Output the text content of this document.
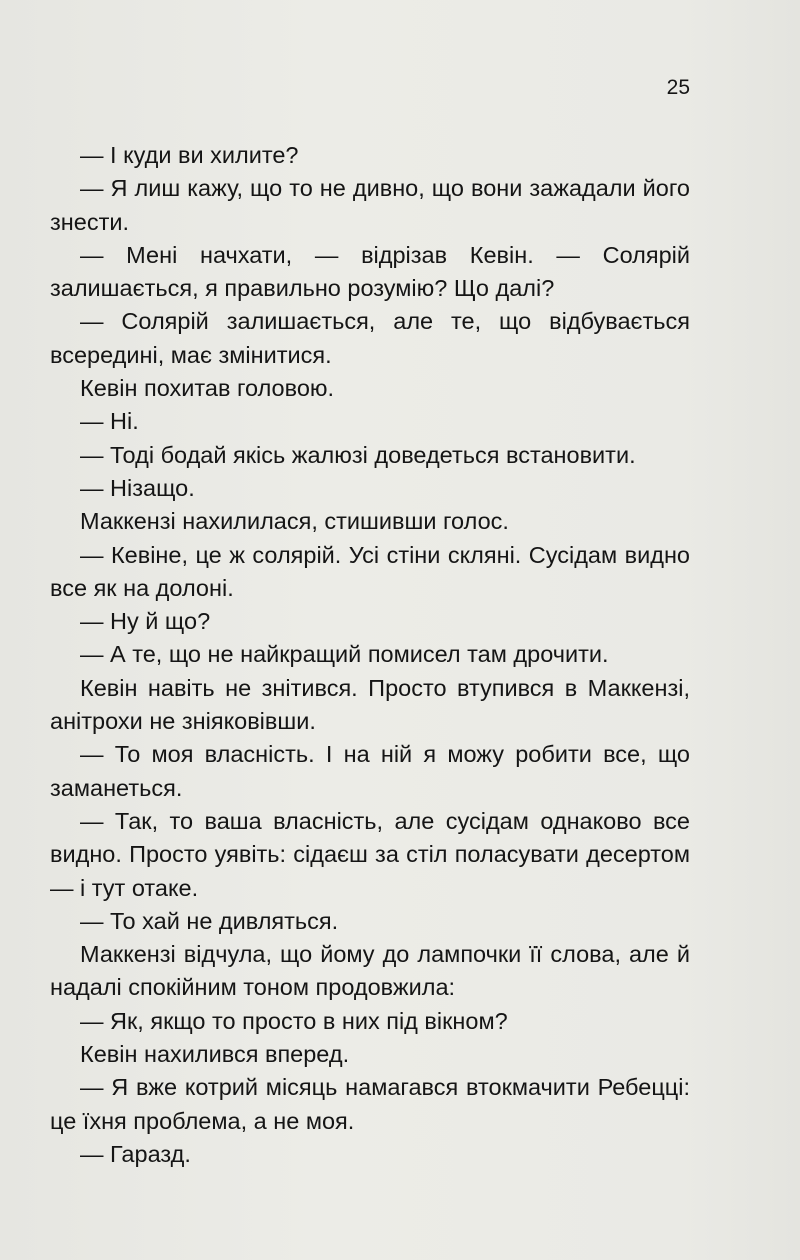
25

— І куди ви хилите?

— Я лиш кажу, що то не дивно, що вони зажадали його знести.

— Мені начхати, — відрізав Кевін. — Солярій залишається, я правильно розумію? Що далі?

— Солярій залишається, але те, що відбувається всередині, має змінитися.

Кевін похитав головою.

— Ні.

— Тоді бодай якісь жалюзі доведеться встановити.

— Нізащо.

Маккензі нахилилася, стишивши голос.

— Кевіне, це ж солярій. Усі стіни скляні. Сусідам видно все як на долоні.

— Ну й що?

— А те, що не найкращий помисел там дрочити.

Кевін навіть не знітився. Просто втупився в Маккензі, анітрохи не зніяковівши.

— То моя власність. І на ній я можу робити все, що заманеться.

— Так, то ваша власність, але сусідам однаково все видно. Просто уявіть: сідаєш за стіл поласувати десертом — і тут отаке.

— То хай не дивляться.

Маккензі відчула, що йому до лампочки її слова, але й надалі спокійним тоном продовжила:

— Як, якщо то просто в них під вікном?

Кевін нахилився вперед.

— Я вже котрий місяць намагався втокмачити Ребецці: це їхня проблема, а не моя.

— Гаразд.
